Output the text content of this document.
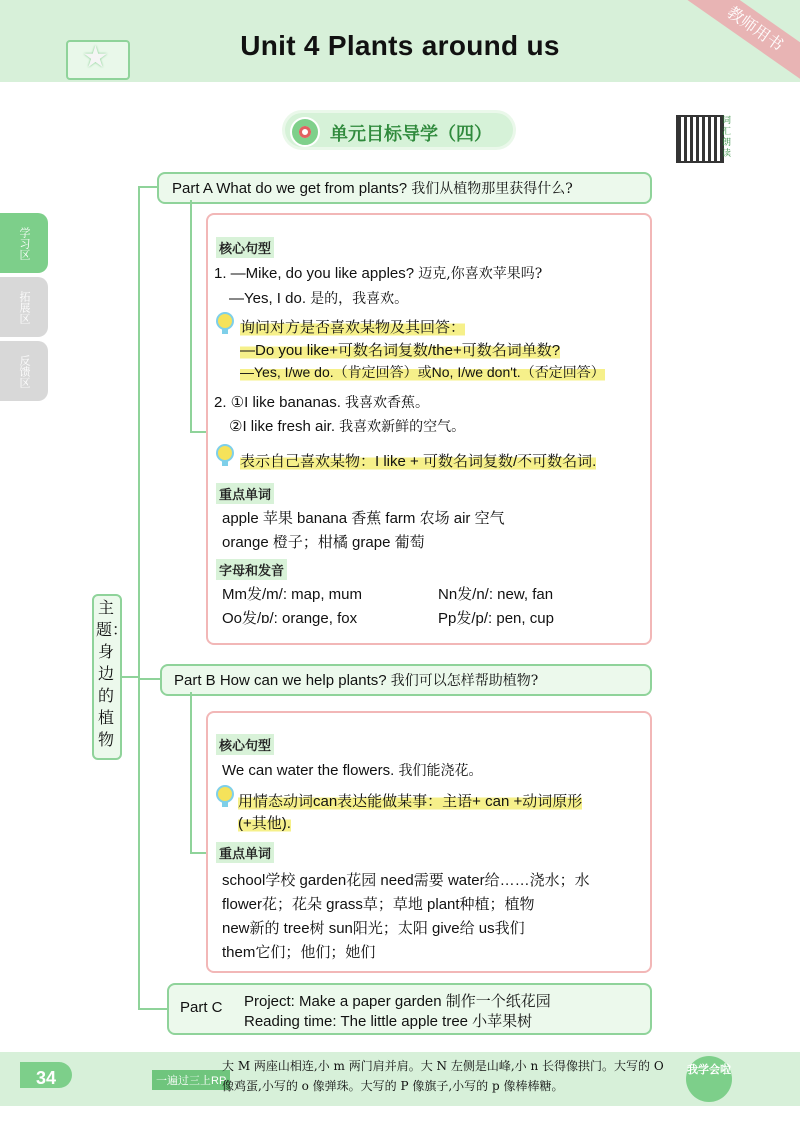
★	Unit 4 Plants around us	教师用书
单元目标导学（四）
词汇朗读
学习区
拓展区
反馈区
主题：身边的植物
Part A What do we get from plants? 我们从植物那里获得什么?
核心句型
1. —Mike, do you like apples? 迈克,你喜欢苹果吗?
—Yes, I do. 是的，我喜欢。
询问对方是否喜欢某物及其回答：
—Do you like+可数名词复数/the+可数名词单数?
—Yes, I/we do.（肯定回答）或No, I/we don't.（否定回答）
2. ①I like bananas. 我喜欢香蕉。
②I like fresh air. 我喜欢新鲜的空气。
表示自己喜欢某物：I like + 可数名词复数/不可数名词.
重点单词
apple 苹果 banana 香蕉 farm 农场 air 空气
orange 橙子；柑橘 grape 葡萄
字母和发音
Mm发/m/: map, mum	Nn发/n/: new, fan
Oo发/ɒ/: orange, fox	Pp发/p/: pen, cup
Part B How can we help plants? 我们可以怎样帮助植物?
核心句型
We can water the flowers. 我们能浇花。
用情态动词can表达能做某事：主语+ can +动词原形
(+其他).
重点单词
school学校 garden花园 need需要 water给……浇水；水
flower花；花朵 grass草；草地 plant种植；植物
new新的 tree树 sun阳光；太阳 give给 us我们
them它们；他们；她们
Part C Project: Make a paper garden 制作一个纸花园
Reading time: The little apple tree 小苹果树
34	一遍过三上RP
大 M 两座山相连,小 m 两门肩并肩。大 N 左侧是山峰,小 n 长得像拱门。大写的 O 像鸡蛋,小写的 o 像弹珠。大写的 P 像旗子,小写的 p 像棒棒糖。
我学会啦
